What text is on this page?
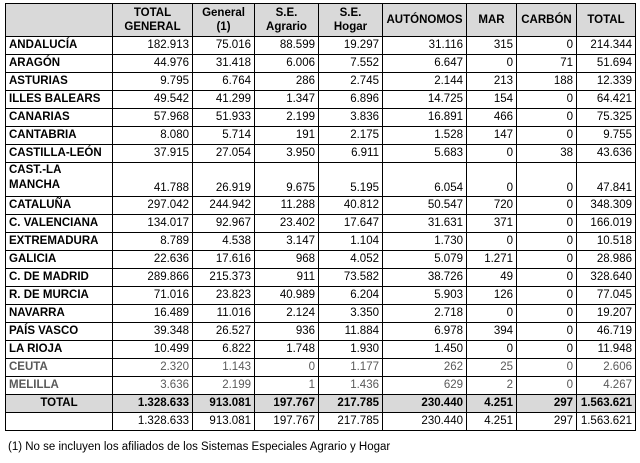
	TOTAL GENERAL	General (1)	S.E. Agrario	S.E. Hogar	AUTÓNOMOS	MAR	CARBÓN	TOTAL
ANDALUCÍA	182.913	75.016	88.599	19.297	31.116	315	0	214.344
ARAGÓN	44.976	31.418	6.006	7.552	6.647	0	71	51.694
ASTURIAS	9.795	6.764	286	2.745	2.144	213	188	12.339
ILLES BALEARS	49.542	41.299	1.347	6.896	14.725	154	0	64.421
CANARIAS	57.968	51.933	2.199	3.836	16.891	466	0	75.325
CANTABRIA	8.080	5.714	191	2.175	1.528	147	0	9.755
CASTILLA-LEÓN	37.915	27.054	3.950	6.911	5.683	0	38	43.636
CAST.-LA MANCHA	41.788	26.919	9.675	5.195	6.054	0	0	47.841
CATALUÑA	297.042	244.942	11.288	40.812	50.547	720	0	348.309
C. VALENCIANA	134.017	92.967	23.402	17.647	31.631	371	0	166.019
EXTREMADURA	8.789	4.538	3.147	1.104	1.730	0	0	10.518
GALICIA	22.636	17.616	968	4.052	5.079	1.271	0	28.986
C. DE MADRID	289.866	215.373	911	73.582	38.726	49	0	328.640
R. DE MURCIA	71.016	23.823	40.989	6.204	5.903	126	0	77.045
NAVARRA	16.489	11.016	2.124	3.350	2.718	0	0	19.207
PAÍS VASCO	39.348	26.527	936	11.884	6.978	394	0	46.719
LA RIOJA	10.499	6.822	1.748	1.930	1.450	0	0	11.948
CEUTA	2.320	1.143	0	1.177	262	25	0	2.606
MELILLA	3.636	2.199	1	1.436	629	2	0	4.267
TOTAL	1.328.633	913.081	197.767	217.785	230.440	4.251	297	1.563.621
	1.328.633	913.081	197.767	217.785	230.440	4.251	297	1.563.621
(1) No se incluyen los afiliados de los Sistemas Especiales Agrario y Hogar
